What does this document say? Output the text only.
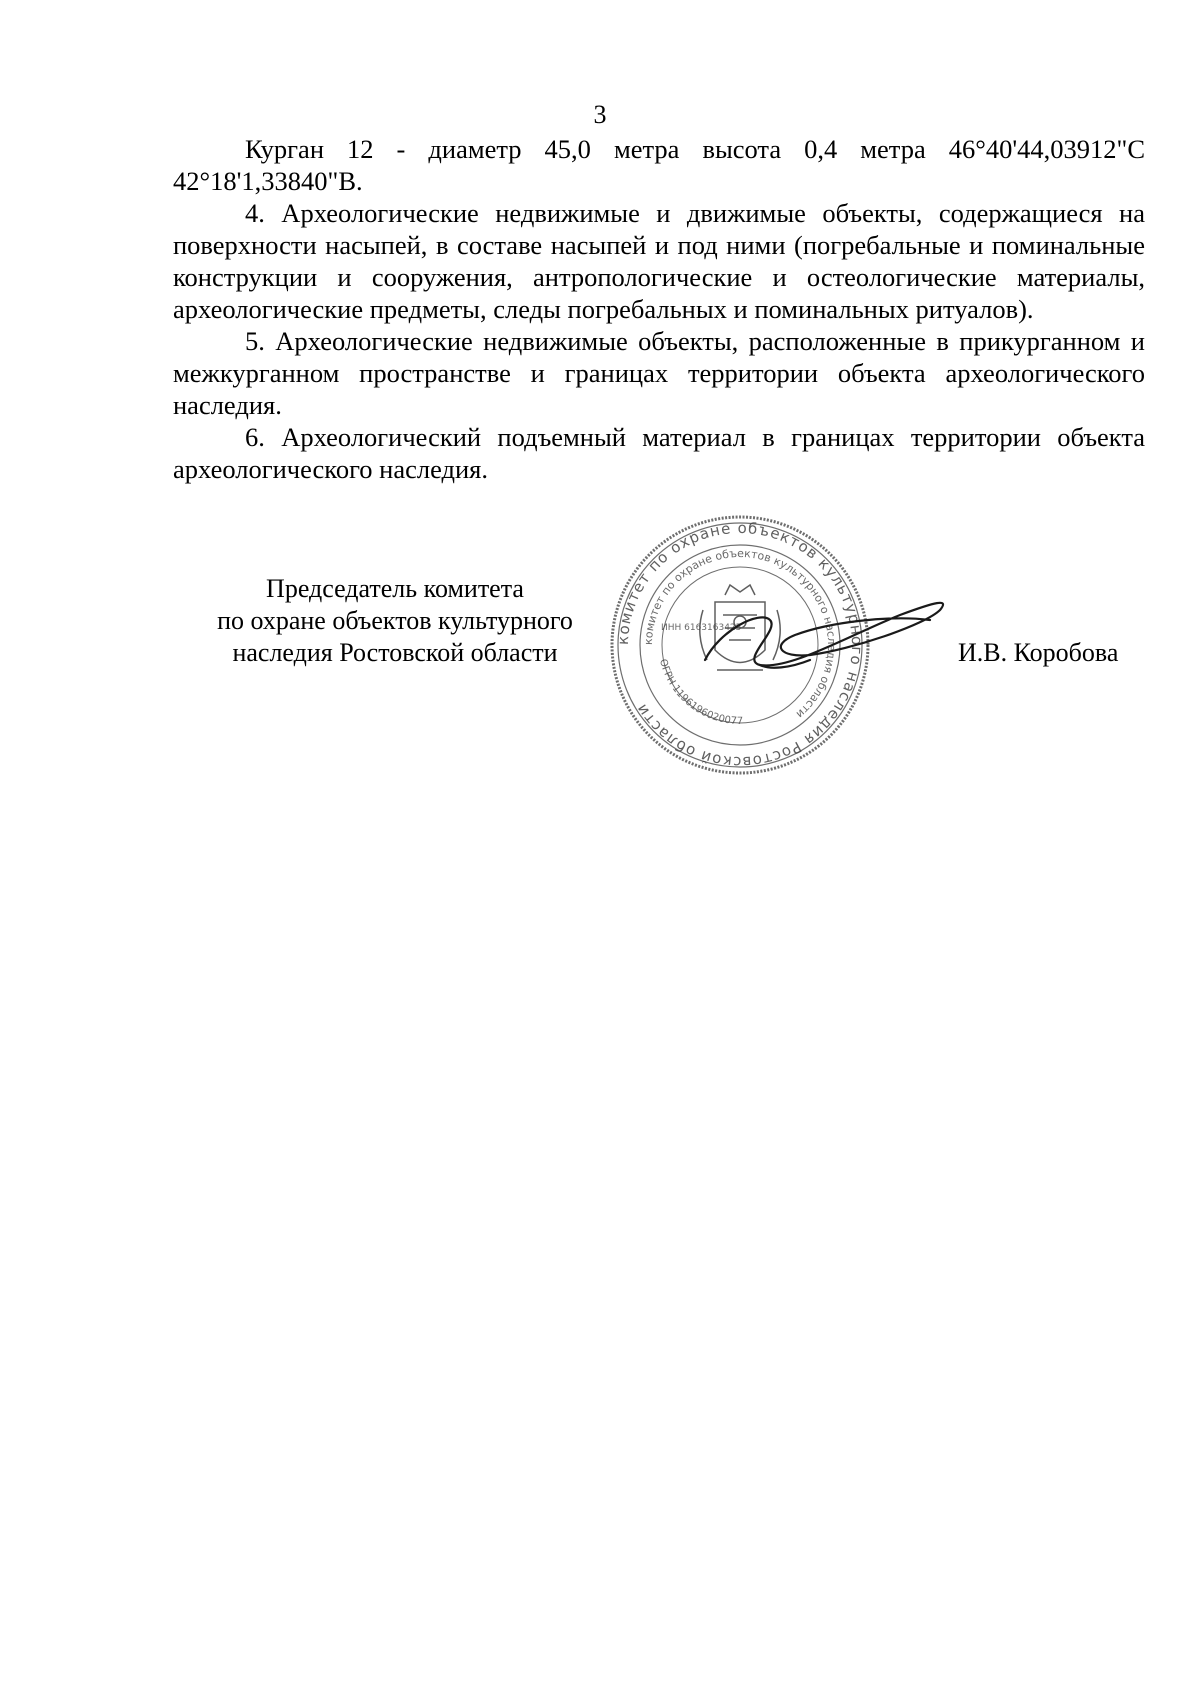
3

Курган 12 - диаметр 45,0 метра высота 0,4 метра 46°40'44,03912"С 42°18'1,33840"В.

4. Археологические недвижимые и движимые объекты, содержащиеся на поверхности насыпей, в составе насыпей и под ними (погребальные и поминальные конструкции и сооружения, антропологические и остеологические материалы, археологические предметы, следы погребальных и поминальных ритуалов).

5. Археологические недвижимые объекты, расположенные в прикурганном и межкурганном пространстве и границах территории объекта археологического наследия.

6. Археологический подъемный материал в границах территории объекта археологического наследия.

Председатель комитета
по охране объектов культурного
наследия Ростовской области	комитет по охране объектов культурного наследия Ростовской области
комитет по охране объектов культурного наследия области
ИНН 6163163425
ОГРН 1196196020077
И.В. Коробова
